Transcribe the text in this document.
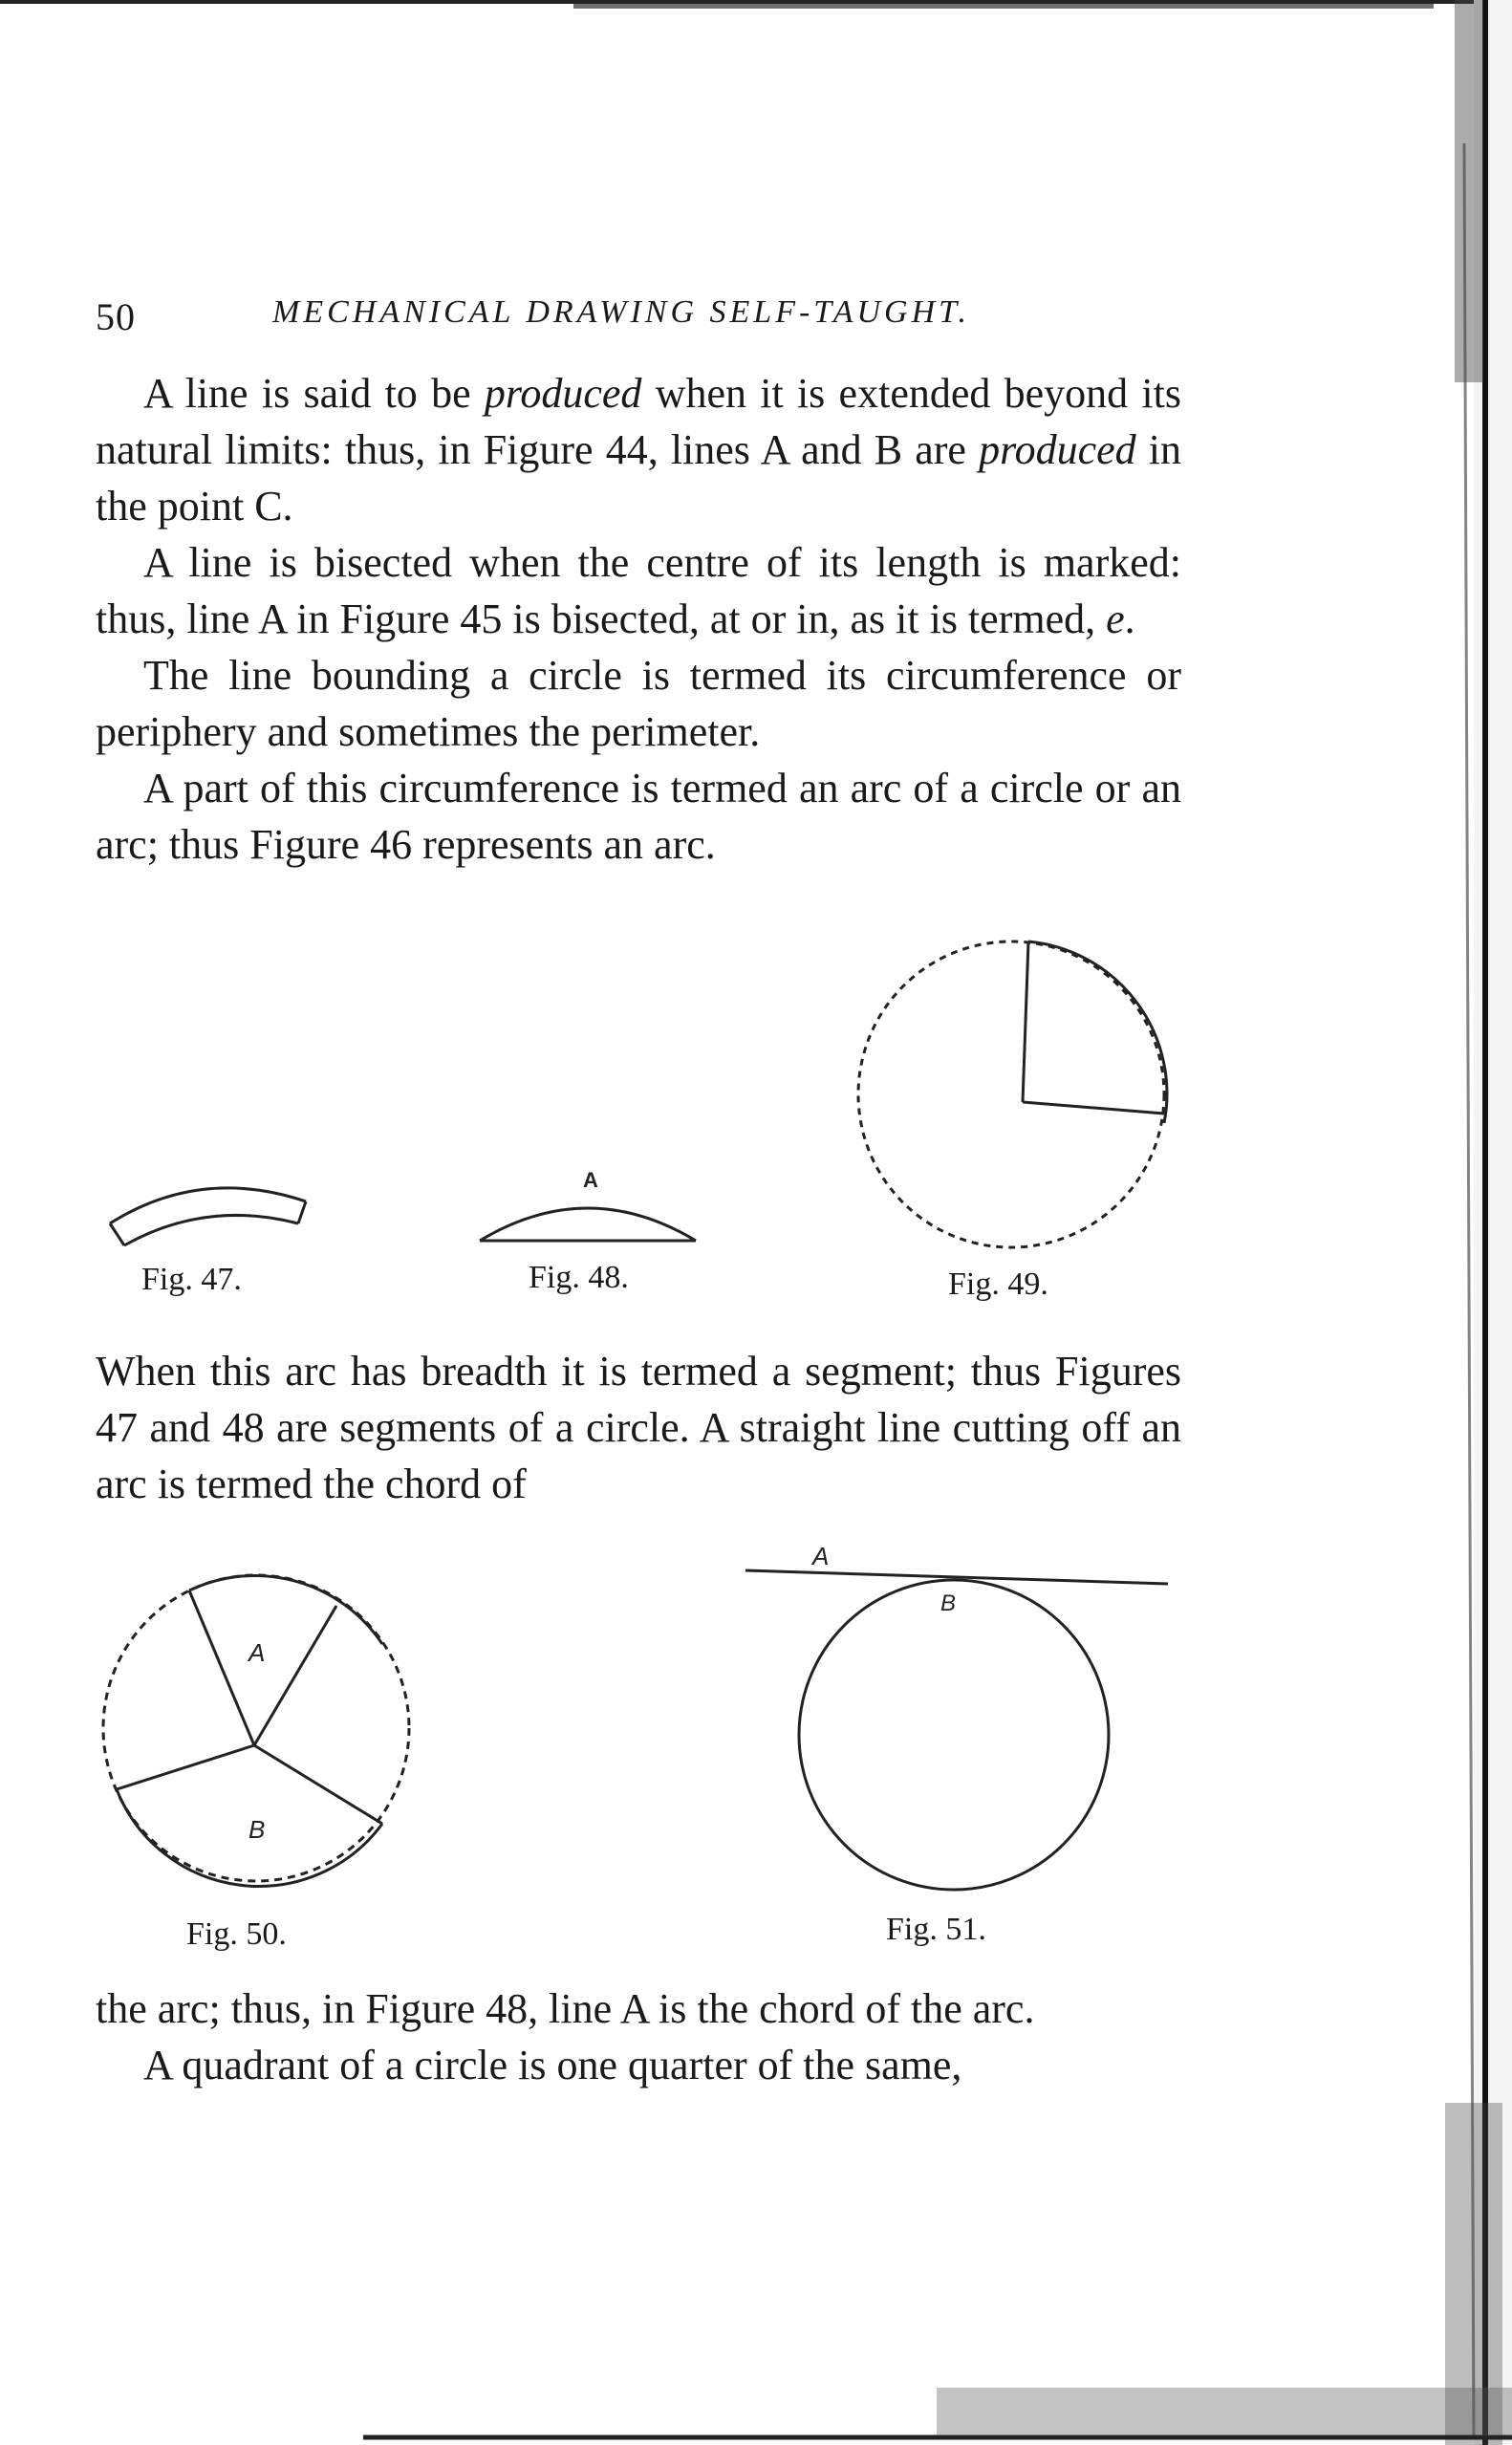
50	MECHANICAL DRAWING SELF-TAUGHT.

A line is said to be produced when it is extended beyond its natural limits: thus, in Figure 44, lines A and B are produced in the point C.

A line is bisected when the centre of its length is marked: thus, line A in Figure 45 is bisected, at or in, as it is termed, e.

The line bounding a circle is termed its circumference or periphery and sometimes the perimeter.

A part of this circumference is termed an arc of a circle or an arc; thus Figure 46 represents an arc.

Fig. 47.
A
Fig. 48.	Fig. 49.

When this arc has breadth it is termed a segment; thus Figures 47 and 48 are segments of a circle. A straight line cutting off an arc is termed the chord of

A
B
Fig. 50.
A
B
Fig. 51.

the arc; thus, in Figure 48, line A is the chord of the arc.

A quadrant of a circle is one quarter of the same,
